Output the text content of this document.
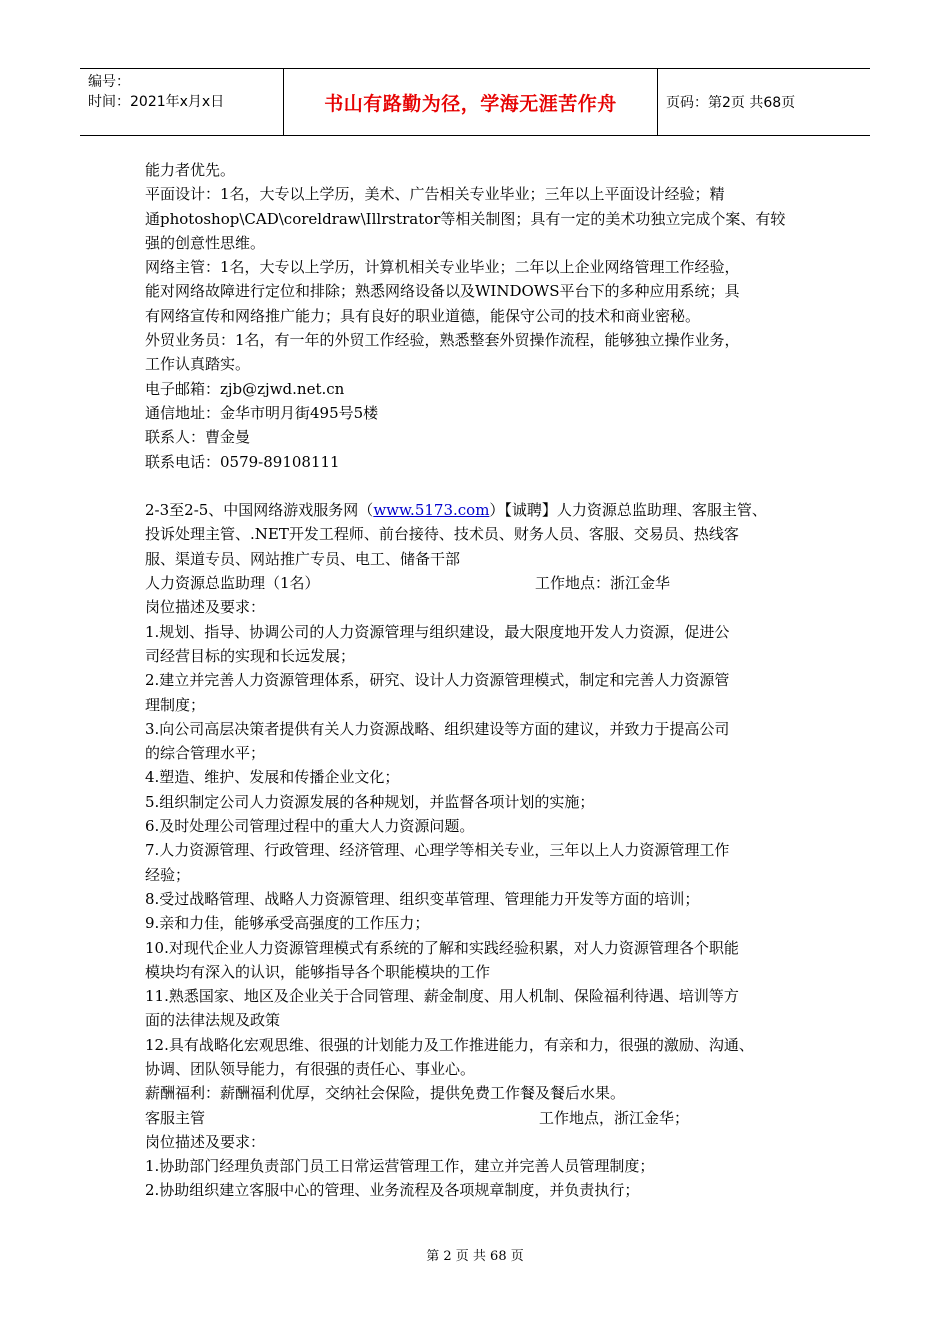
编号：
时间：2021年x月x日	书山有路勤为径，学海无涯苦作舟	页码：第2页 共68页

能力者优先。

平面设计：1名，大专以上学历，美术、广告相关专业毕业；三年以上平面设计经验；精

通photoshop\CAD\coreldraw\Illrstrator等相关制图；具有一定的美术功独立完成个案、有较

强的创意性思维。

网络主管：1名，大专以上学历，计算机相关专业毕业；二年以上企业网络管理工作经验，

能对网络故障进行定位和排除；熟悉网络设备以及WINDOWS平台下的多种应用系统；具

有网络宣传和网络推广能力；具有良好的职业道德，能保守公司的技术和商业密秘。

外贸业务员：1名，有一年的外贸工作经验，熟悉整套外贸操作流程，能够独立操作业务，

工作认真踏实。

电子邮箱：zjb@zjwd.net.cn

通信地址：金华市明月街495号5楼

联系人：曹金曼

联系电话：0579-89108111

2-3至2-5、中国网络游戏服务网（www.5173.com）【诚聘】人力资源总监助理、客服主管、

投诉处理主管、.NET开发工程师、前台接待、技术员、财务人员、客服、交易员、热线客

服、渠道专员、网站推广专员、电工、储备干部

人力资源总监助理（1名）	工作地点：浙江金华

岗位描述及要求：

1.规划、指导、协调公司的人力资源管理与组织建设，最大限度地开发人力资源，促进公

司经营目标的实现和长远发展；

2.建立并完善人力资源管理体系，研究、设计人力资源管理模式，制定和完善人力资源管

理制度；

3.向公司高层决策者提供有关人力资源战略、组织建设等方面的建议，并致力于提高公司

的综合管理水平；

4.塑造、维护、发展和传播企业文化；

5.组织制定公司人力资源发展的各种规划，并监督各项计划的实施；

6.及时处理公司管理过程中的重大人力资源问题。

7.人力资源管理、行政管理、经济管理、心理学等相关专业，三年以上人力资源管理工作

经验；

8.受过战略管理、战略人力资源管理、组织变革管理、管理能力开发等方面的培训；

9.亲和力佳，能够承受高强度的工作压力；

10.对现代企业人力资源管理模式有系统的了解和实践经验积累，对人力资源管理各个职能

模块均有深入的认识，能够指导各个职能模块的工作

11.熟悉国家、地区及企业关于合同管理、薪金制度、用人机制、保险福利待遇、培训等方

面的法律法规及政策

12.具有战略化宏观思维、很强的计划能力及工作推进能力，有亲和力，很强的激励、沟通、

协调、团队领导能力，有很强的责任心、事业心。

薪酬福利：薪酬福利优厚，交纳社会保险，提供免费工作餐及餐后水果。

客服主管	工作地点，浙江金华；

岗位描述及要求：

1.协助部门经理负责部门员工日常运营管理工作，建立并完善人员管理制度；

2.协助组织建立客服中心的管理、业务流程及各项规章制度，并负责执行；

第 2 页 共 68 页
